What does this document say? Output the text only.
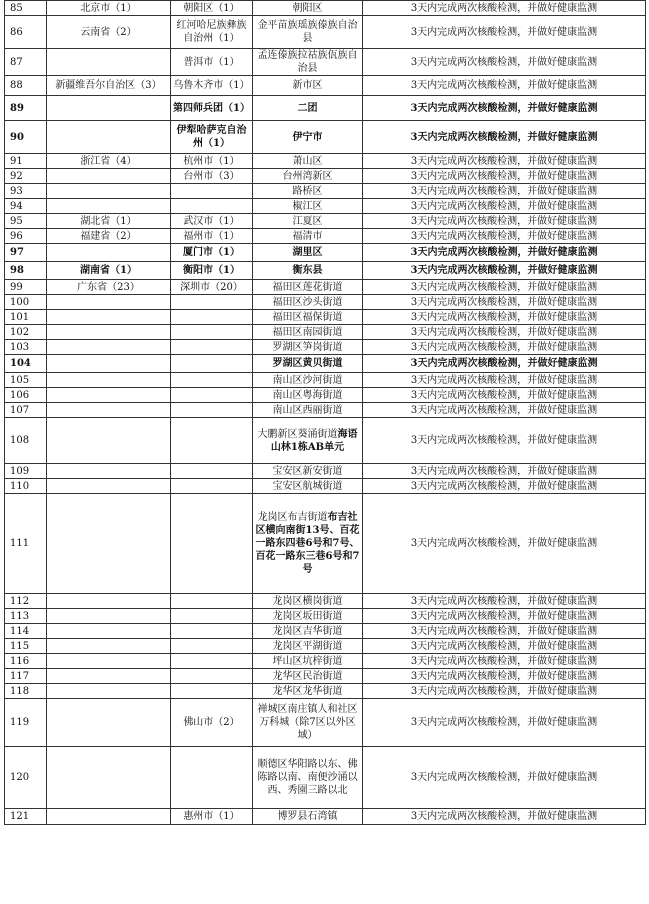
85	北京市（1）	朝阳区（1）	朝阳区	3天内完成两次核酸检测，并做好健康监测
86	云南省（2）	红河哈尼族彝族自治州（1）	金平苗族瑶族傣族自治县	3天内完成两次核酸检测，并做好健康监测
87		普洱市（1）	孟连傣族拉祜族佤族自治县	3天内完成两次核酸检测，并做好健康监测
88	新疆维吾尔自治区（3）	乌鲁木齐市（1）	新市区	3天内完成两次核酸检测，并做好健康监测
89		第四师兵团（1）	二团	3天内完成两次核酸检测，并做好健康监测
90		伊犁哈萨克自治州（1）	伊宁市	3天内完成两次核酸检测，并做好健康监测
91	浙江省（4）	杭州市（1）	萧山区	3天内完成两次核酸检测，并做好健康监测
92		台州市（3）	台州湾新区	3天内完成两次核酸检测，并做好健康监测
93			路桥区	3天内完成两次核酸检测，并做好健康监测
94			椒江区	3天内完成两次核酸检测，并做好健康监测
95	湖北省（1）	武汉市（1）	江夏区	3天内完成两次核酸检测，并做好健康监测
96	福建省（2）	福州市（1）	福清市	3天内完成两次核酸检测，并做好健康监测
97		厦门市（1）	湖里区	3天内完成两次核酸检测，并做好健康监测
98	湖南省（1）	衡阳市（1）	衡东县	3天内完成两次核酸检测，并做好健康监测
99	广东省（23）	深圳市（20）	福田区莲花街道	3天内完成两次核酸检测，并做好健康监测
100			福田区沙头街道	3天内完成两次核酸检测，并做好健康监测
101			福田区福保街道	3天内完成两次核酸检测，并做好健康监测
102			福田区南园街道	3天内完成两次核酸检测，并做好健康监测
103			罗湖区笋岗街道	3天内完成两次核酸检测，并做好健康监测
104			罗湖区黄贝街道	3天内完成两次核酸检测，并做好健康监测
105			南山区沙河街道	3天内完成两次核酸检测，并做好健康监测
106			南山区粤海街道	3天内完成两次核酸检测，并做好健康监测
107			南山区西丽街道	3天内完成两次核酸检测，并做好健康监测
108			大鹏新区葵涌街道海语山林1栋AB单元	3天内完成两次核酸检测，并做好健康监测
109			宝安区新安街道	3天内完成两次核酸检测，并做好健康监测
110			宝安区航城街道	3天内完成两次核酸检测，并做好健康监测
111			龙岗区布吉街道布吉社区横向南街13号、百花一路东四巷6号和7号、百花一路东三巷6号和7号	3天内完成两次核酸检测，并做好健康监测
112			龙岗区横岗街道	3天内完成两次核酸检测，并做好健康监测
113			龙岗区坂田街道	3天内完成两次核酸检测，并做好健康监测
114			龙岗区吉华街道	3天内完成两次核酸检测，并做好健康监测
115			龙岗区平湖街道	3天内完成两次核酸检测，并做好健康监测
116			坪山区坑梓街道	3天内完成两次核酸检测，并做好健康监测
117			龙华区民治街道	3天内完成两次核酸检测，并做好健康监测
118			龙华区龙华街道	3天内完成两次核酸检测，并做好健康监测
119		佛山市（2）	禅城区南庄镇人和社区万科城（除7区以外区域）	3天内完成两次核酸检测，并做好健康监测
120			顺德区华阳路以东、佛陈路以南、南便沙涌以西、秀園三路以北	3天内完成两次核酸检测，并做好健康监测
121		惠州市（1）	博罗县石湾镇	3天内完成两次核酸检测，并做好健康监测
